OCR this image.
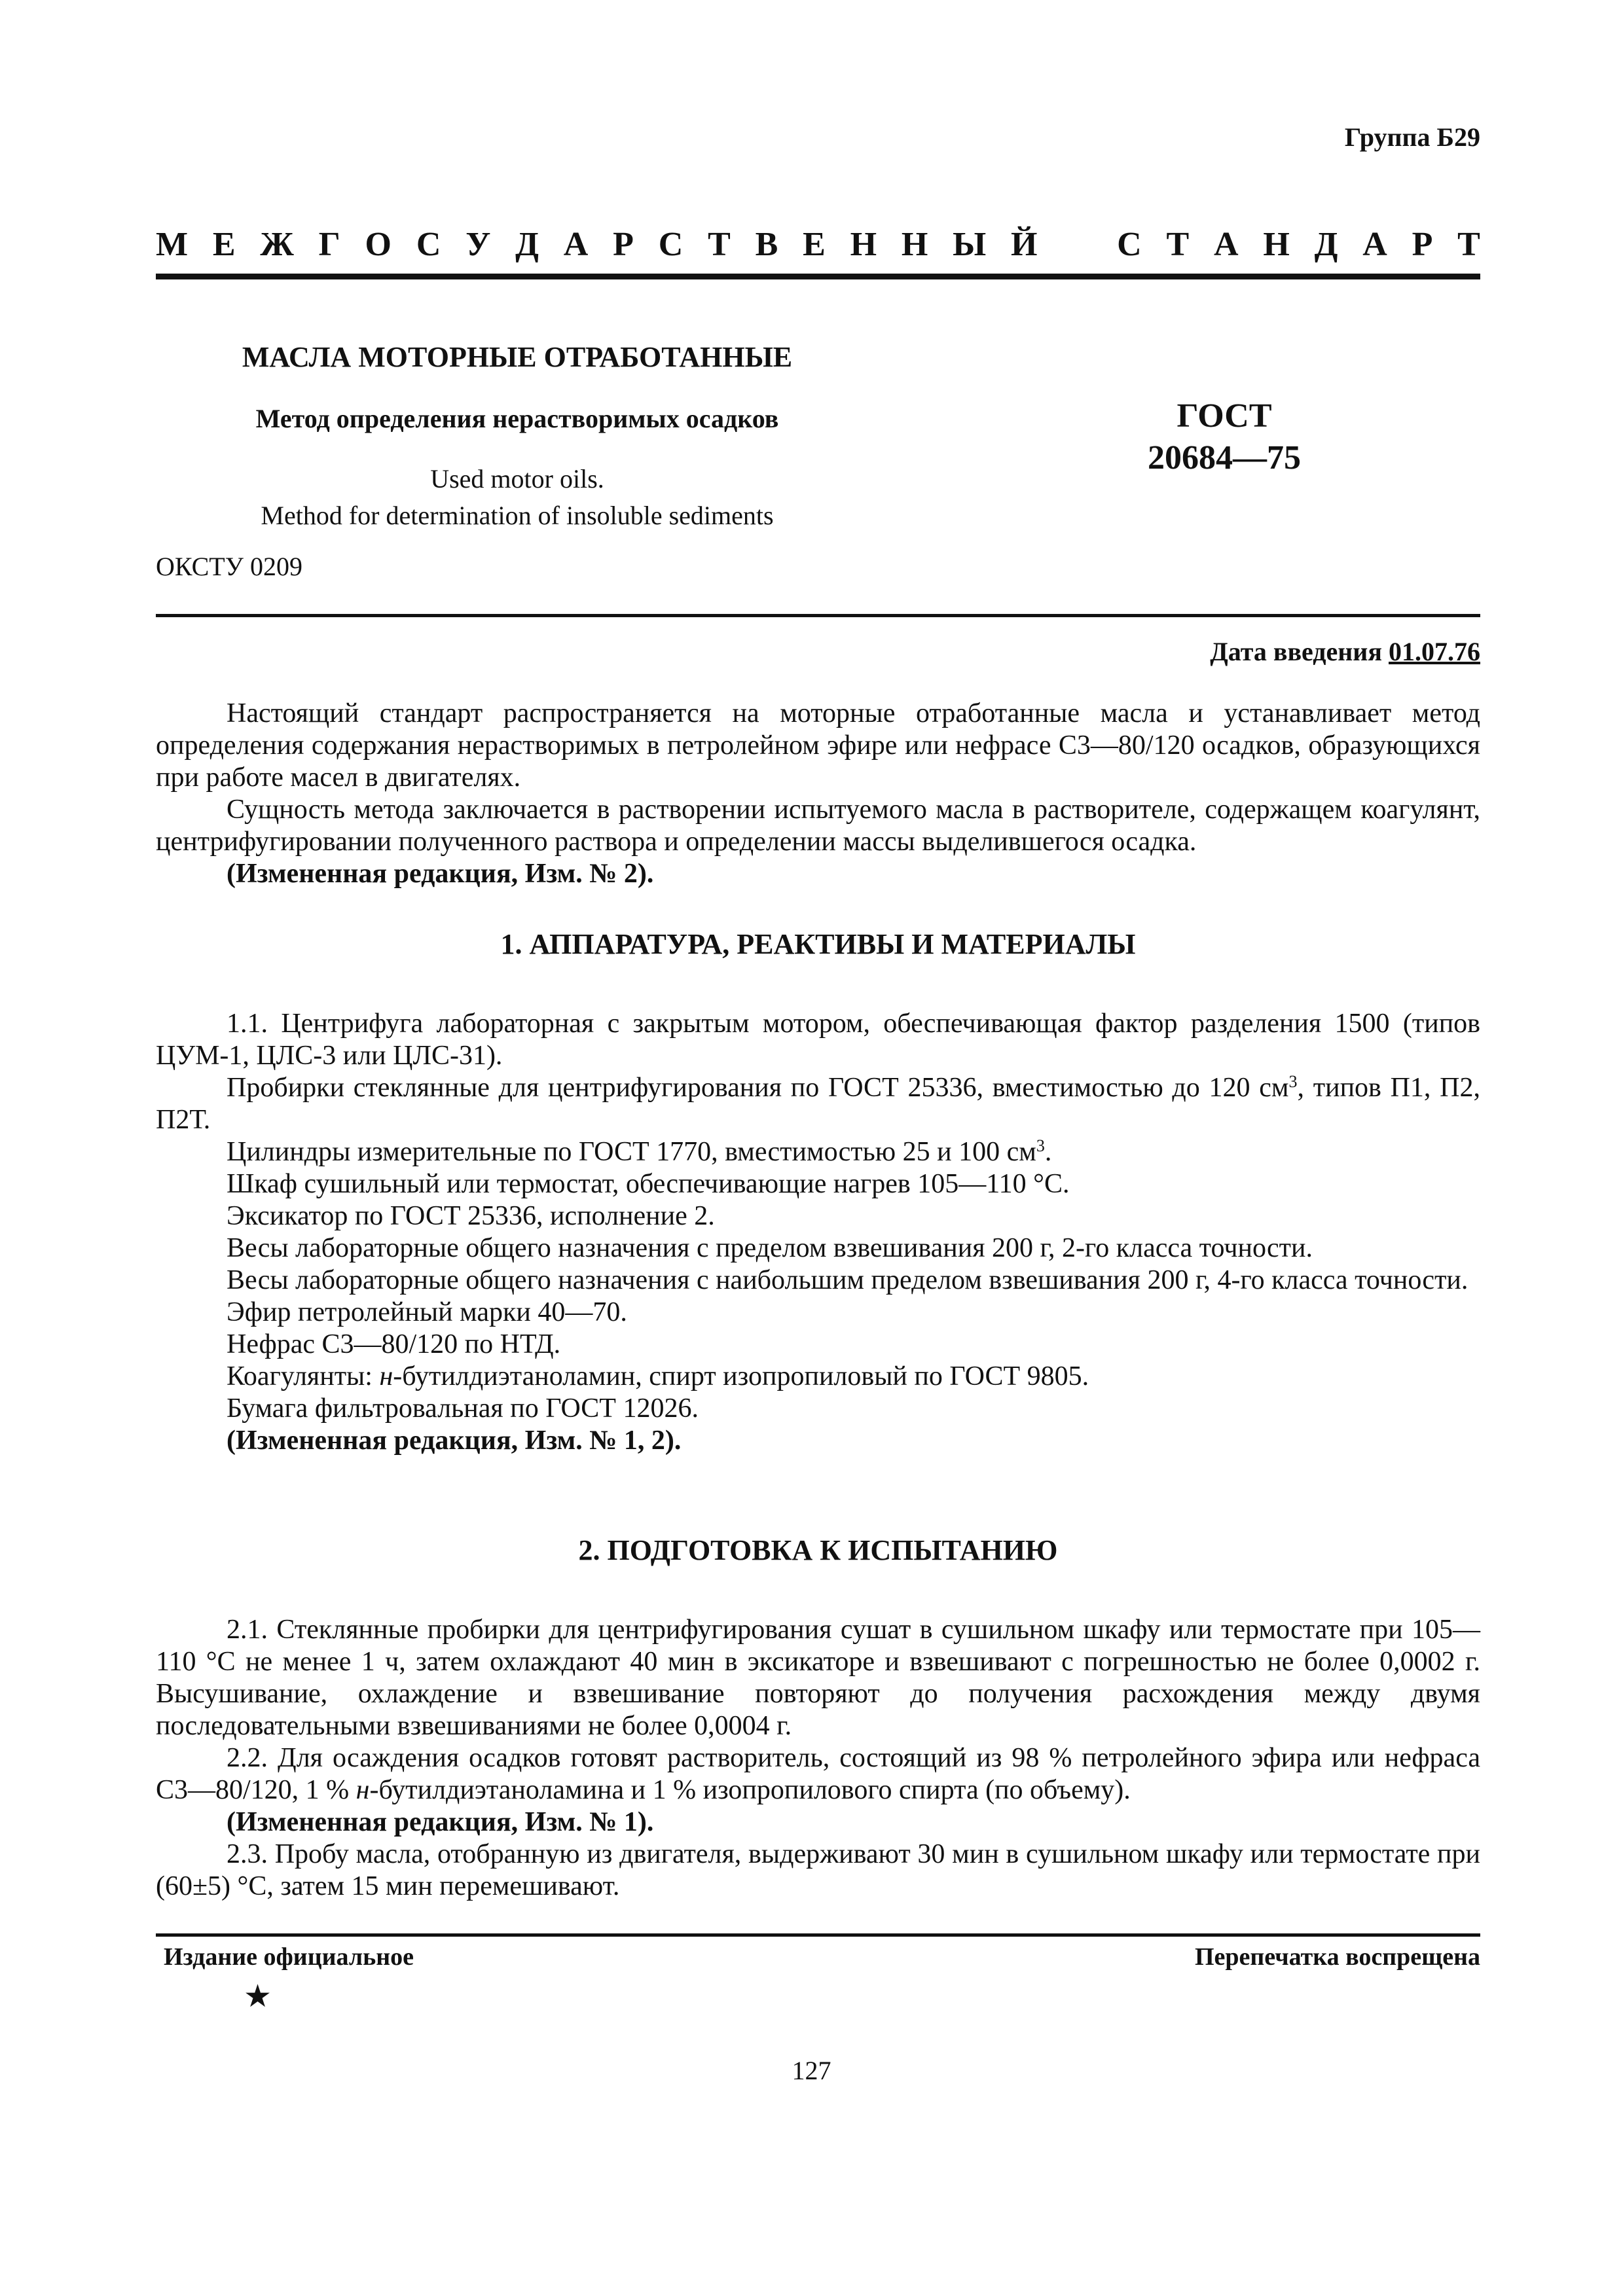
Группа Б29
М Е Ж Г О С У Д А Р С Т В Е Н Н Ы Й С Т А Н Д А Р Т
МАСЛА МОТОРНЫЕ ОТРАБОТАННЫЕ
Метод определения нерастворимых осадков
Used motor oils.
Method for determination of insoluble sediments
ГОСТ
20684—75
ОКСТУ 0209
Дата введения 01.07.76

Настоящий стандарт распространяется на моторные отработанные масла и устанавливает метод определения содержания нерастворимых в петролейном эфире или нефрасе С3—80/120 осадков, образующихся при работе масел в двигателях.

Сущность метода заключается в растворении испытуемого масла в растворителе, содержащем коагулянт, центрифугировании полученного раствора и определении массы выделившегося осадка.

(Измененная редакция, Изм. № 2).

1. АППАРАТУРА, РЕАКТИВЫ И МАТЕРИАЛЫ

1.1. Центрифуга лабораторная с закрытым мотором, обеспечивающая фактор разделения 1500 (типов ЦУМ-1, ЦЛС-3 или ЦЛС-31).

Пробирки стеклянные для центрифугирования по ГОСТ 25336, вместимостью до 120 $см^3$, типов П1, П2, П2Т.

Цилиндры измерительные по ГОСТ 1770, вместимостью 25 и 100 $см^3$.

Шкаф сушильный или термостат, обеспечивающие нагрев 105—110 °С.

Эксикатор по ГОСТ 25336, исполнение 2.

Весы лабораторные общего назначения с пределом взвешивания 200 г, 2-го класса точности.

Весы лабораторные общего назначения с наибольшим пределом взвешивания 200 г, 4-го класса точности.

Эфир петролейный марки 40—70.

Нефрас С3—80/120 по НТД.

Коагулянты: н-бутилдиэтаноламин, спирт изопропиловый по ГОСТ 9805.

Бумага фильтровальная по ГОСТ 12026.

(Измененная редакция, Изм. № 1, 2).

2. ПОДГОТОВКА К ИСПЫТАНИЮ

2.1. Стеклянные пробирки для центрифугирования сушат в сушильном шкафу или термостате при 105—110 °С не менее 1 ч, затем охлаждают 40 мин в эксикаторе и взвешивают с погрешностью не более 0,0002 г. Высушивание, охлаждение и взвешивание повторяют до получения расхождения между двумя последовательными взвешиваниями не более 0,0004 г.

2.2. Для осаждения осадков готовят растворитель, состоящий из 98 % петролейного эфира или нефраса С3—80/120, 1 % н-бутилдиэтаноламина и 1 % изопропилового спирта (по объему).

(Измененная редакция, Изм. № 1).

2.3. Пробу масла, отобранную из двигателя, выдерживают 30 мин в сушильном шкафу или термостате при (60±5) °С, затем 15 мин перемешивают.

Издание официальное	Перепечатка воспрещена
★
127
